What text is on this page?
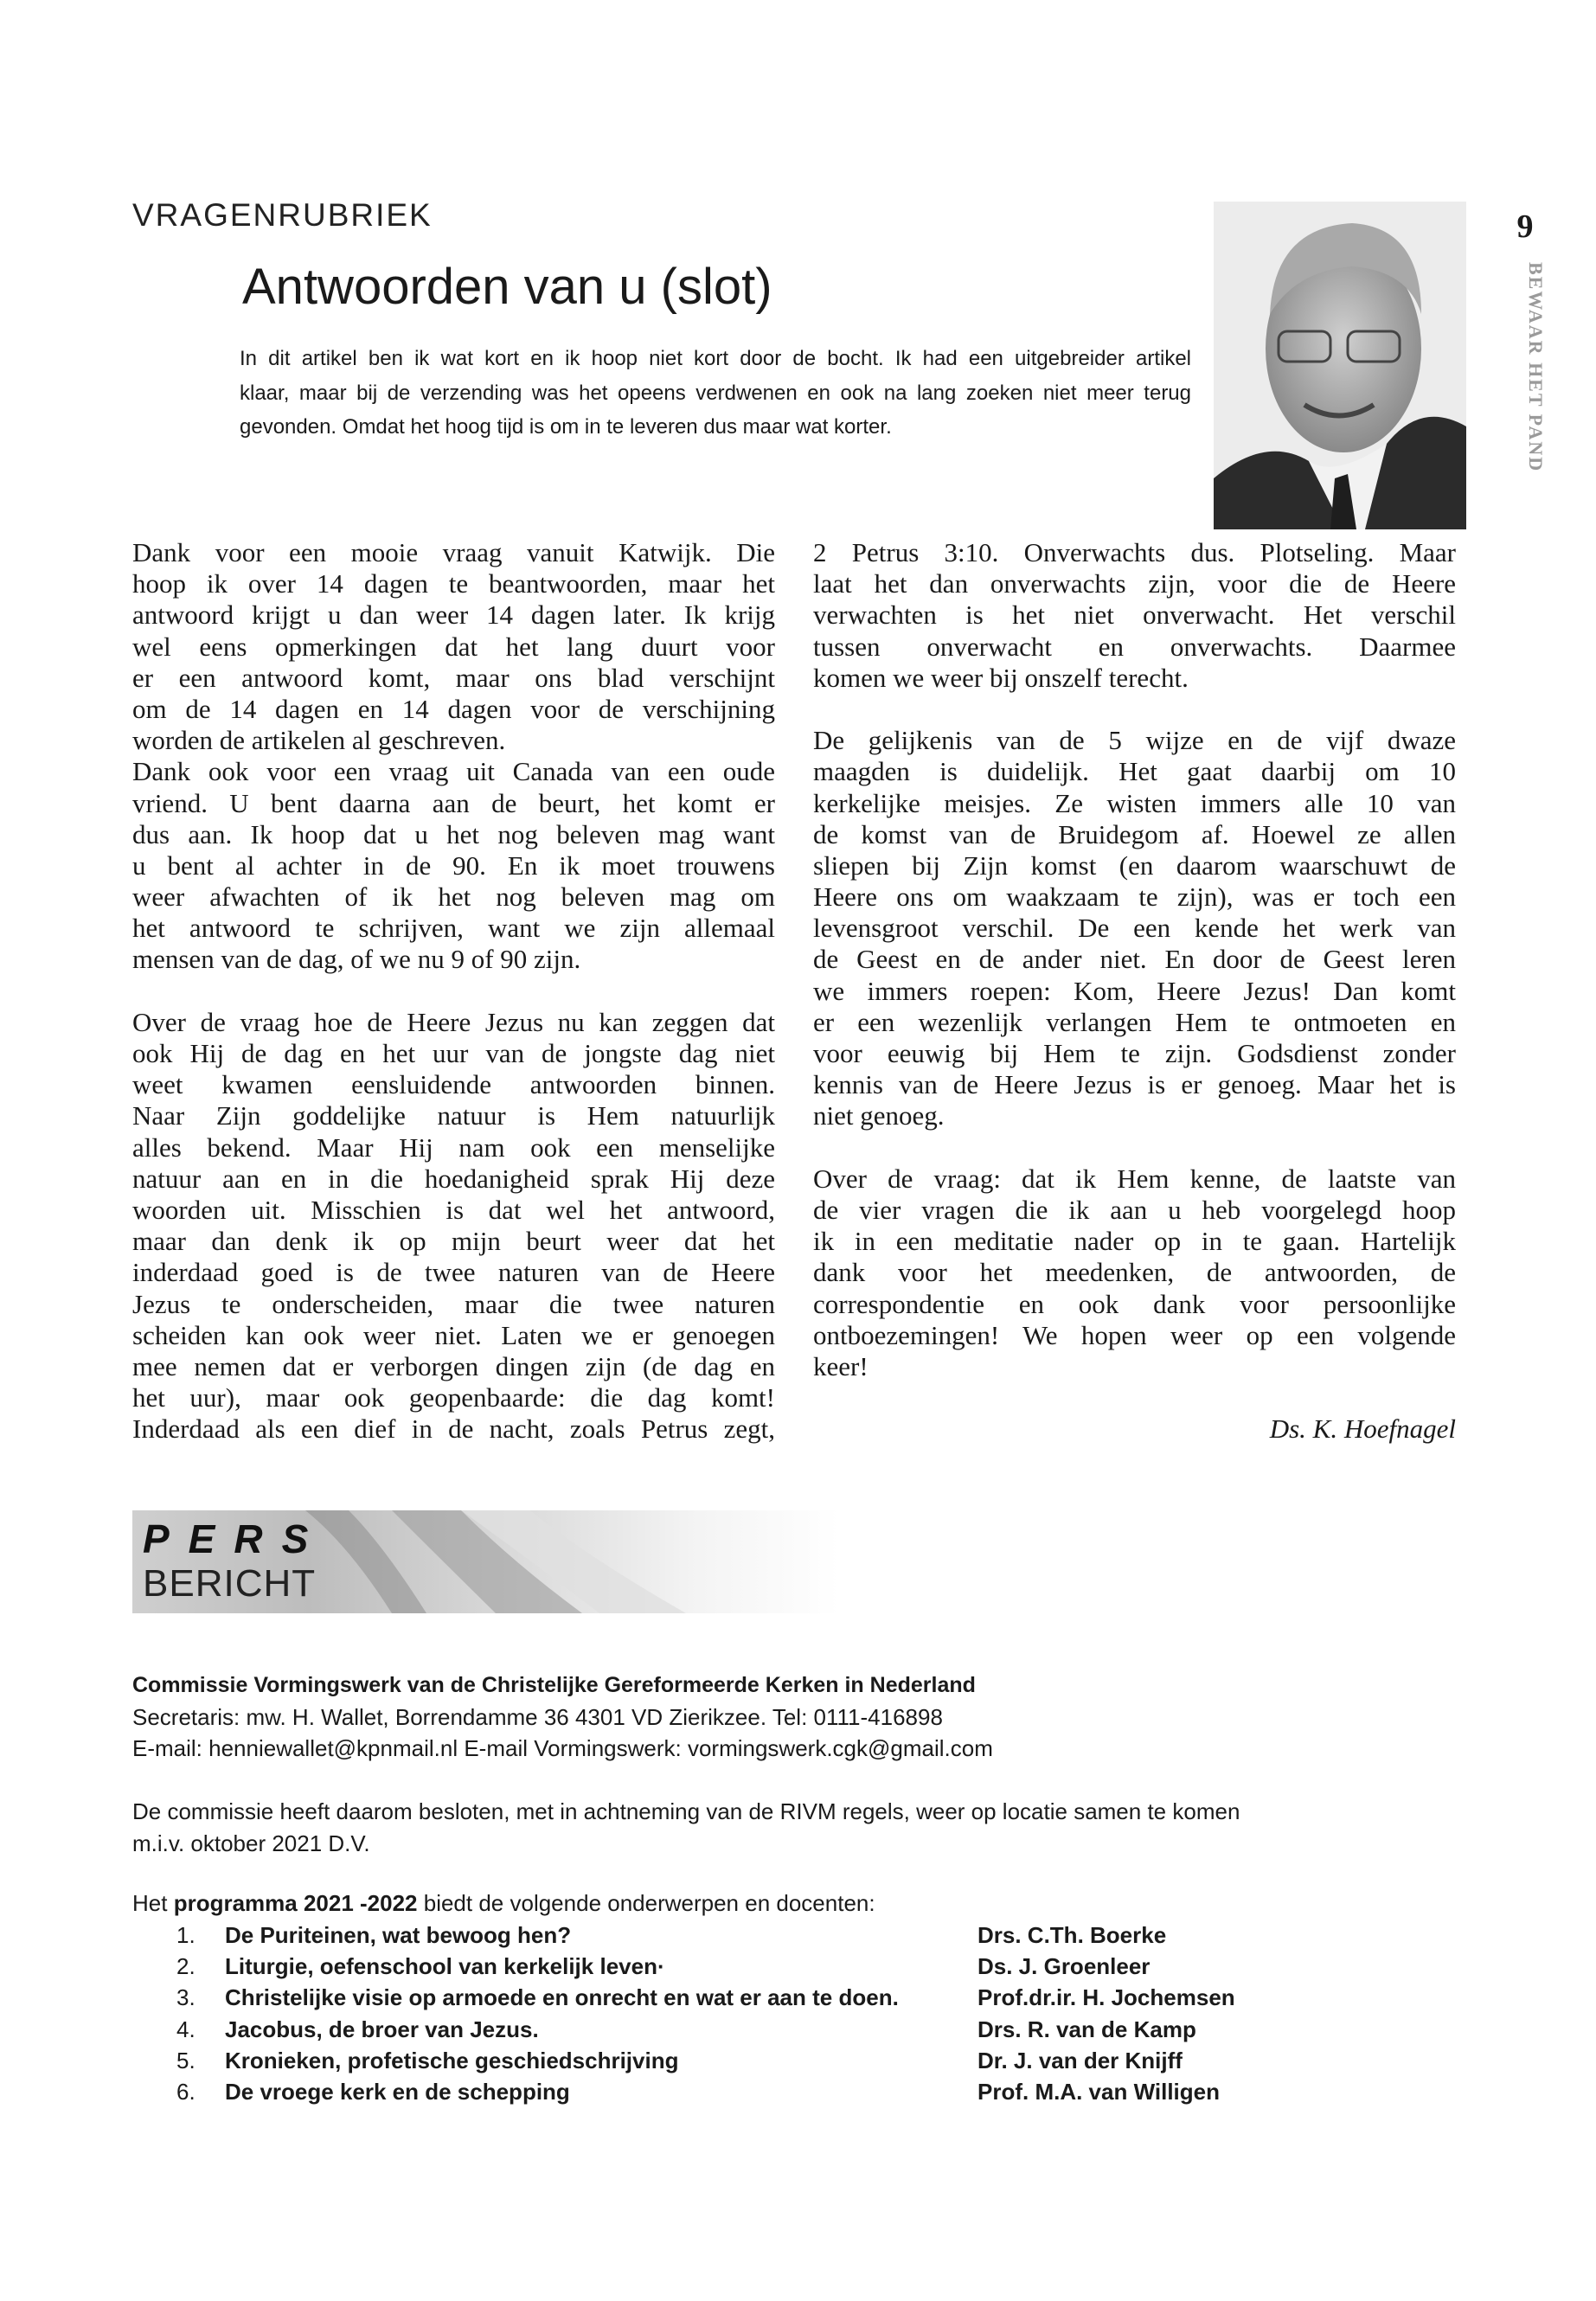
VRAGENRUBRIEK
Antwoorden van u (slot)
In dit artikel ben ik wat kort en ik hoop niet kort door de bocht. Ik had een uitgebreider artikel
klaar, maar bij de verzending was het opeens verdwenen en ook na lang zoeken niet meer terug
gevonden. Omdat het hoog tijd is om in te leveren dus maar wat korter.
9
BEWAAR HET PAND
Dank voor een mooie vraag vanuit Katwijk. Die
hoop ik over 14 dagen te beantwoorden, maar het
antwoord krijgt u dan weer 14 dagen later. Ik krijg
wel eens opmerkingen dat het lang duurt voor
er een antwoord komt, maar ons blad verschijnt
om de 14 dagen en 14 dagen voor de verschijning
worden de artikelen al geschreven.
Dank ook voor een vraag uit Canada van een oude
vriend. U bent daarna aan de beurt, het komt er
dus aan. Ik hoop dat u het nog beleven mag want
u bent al achter in de 90. En ik moet trouwens
weer afwachten of ik het nog beleven mag om
het antwoord te schrijven, want we zijn allemaal
mensen van de dag, of we nu 9 of 90 zijn.
Over de vraag hoe de Heere Jezus nu kan zeggen dat
ook Hij de dag en het uur van de jongste dag niet
weet kwamen eensluidende antwoorden binnen.
Naar Zijn goddelijke natuur is Hem natuurlijk
alles bekend. Maar Hij nam ook een menselijke
natuur aan en in die hoedanigheid sprak Hij deze
woorden uit. Misschien is dat wel het antwoord,
maar dan denk ik op mijn beurt weer dat het
inderdaad goed is de twee naturen van de Heere
Jezus te onderscheiden, maar die twee naturen
scheiden kan ook weer niet. Laten we er genoegen
mee nemen dat er verborgen dingen zijn (de dag en
het uur), maar ook geopenbaarde: die dag komt!
Inderdaad als een dief in de nacht, zoals Petrus zegt,
2 Petrus 3:10. Onverwachts dus. Plotseling. Maar
laat het dan onverwachts zijn, voor die de Heere
verwachten is het niet onverwacht. Het verschil
tussen onverwacht en onverwachts. Daarmee
komen we weer bij onszelf terecht.
De gelijkenis van de 5 wijze en de vijf dwaze
maagden is duidelijk. Het gaat daarbij om 10
kerkelijke meisjes. Ze wisten immers alle 10 van
de komst van de Bruidegom af. Hoewel ze allen
sliepen bij Zijn komst (en daarom waarschuwt de
Heere ons om waakzaam te zijn), was er toch een
levensgroot verschil. De een kende het werk van
de Geest en de ander niet. En door de Geest leren
we immers roepen: Kom, Heere Jezus! Dan komt
er een wezenlijk verlangen Hem te ontmoeten en
voor eeuwig bij Hem te zijn. Godsdienst zonder
kennis van de Heere Jezus is er genoeg. Maar het is
niet genoeg.
Over de vraag: dat ik Hem kenne, de laatste van
de vier vragen die ik aan u heb voorgelegd hoop
ik in een meditatie nader op in te gaan. Hartelijk
dank voor het meedenken, de antwoorden, de
correspondentie en ook dank voor persoonlijke
ontboezemingen! We hopen weer op een volgende
keer!
Ds. K. Hoefnagel
PERS
BERICHT
Commissie Vormingswerk van de Christelijke Gereformeerde Kerken in Nederland
Secretaris: mw. H. Wallet, Borrendamme 36 4301 VD Zierikzee. Tel: 0111-416898
E-mail: henniewallet@kpnmail.nl E-mail Vormingswerk: vormingswerk.cgk@gmail.com
De commissie heeft daarom besloten, met in achtneming van de RIVM regels, weer op locatie samen te komen
m.i.v. oktober 2021 D.V.
Het programma 2021 -2022 biedt de volgende onderwerpen en docenten:
1. De Puriteinen, wat bewoog hen?	Drs. C.Th. Boerke
2. Liturgie, oefenschool van kerkelijk leven·	Ds. J. Groenleer
3. Christelijke visie op armoede en onrecht en wat er aan te doen.	Prof.dr.ir. H. Jochemsen
4. Jacobus, de broer van Jezus.	Drs. R. van de Kamp
5. Kronieken, profetische geschiedschrijving	Dr. J. van der Knijff
6. De vroege kerk en de schepping	Prof. M.A. van Willigen
